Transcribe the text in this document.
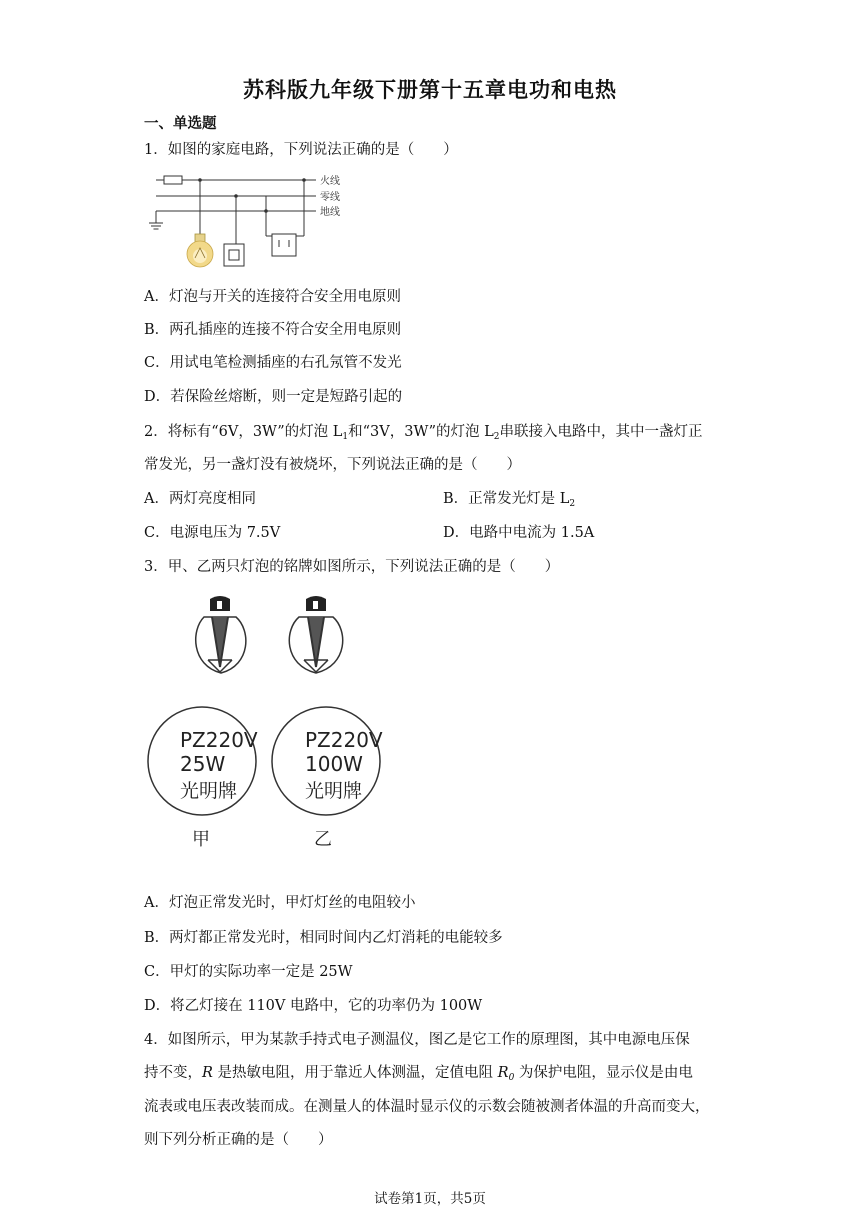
苏科版九年级下册第十五章电功和电热
一、单选题
1．如图的家庭电路，下列说法正确的是（　　）
火线
零线
地线
A．灯泡与开关的连接符合安全用电原则
B．两孔插座的连接不符合安全用电原则
C．用试电笔检测插座的右孔氖管不发光
D．若保险丝熔断，则一定是短路引起的
2．将标有“6V，3W”的灯泡 $L_1$和“3V，3W”的灯泡 $L_2$串联接入电路中，其中一盏灯正
常发光，另一盏灯没有被烧坏，下列说法正确的是（　　）
A．两灯亮度相同	B．正常发光灯是 $L_2$
C．电源电压为 7.5V	D．电路中电流为 1.5A
3．甲、乙两只灯泡的铭牌如图所示，下列说法正确的是（　　）
PZ220V
25W
光明牌
PZ220V
100W
光明牌
甲	乙
A．灯泡正常发光时，甲灯灯丝的电阻较小
B．两灯都正常发光时，相同时间内乙灯消耗的电能较多
C．甲灯的实际功率一定是 25W
D．将乙灯接在 110V 电路中，它的功率仍为 100W
4．如图所示，甲为某款手持式电子测温仪，图乙是它工作的原理图，其中电源电压保
持不变，R 是热敏电阻，用于靠近人体测温，定值电阻 $R_0$ 为保护电阻，显示仪是由电
流表或电压表改装而成。在测量人的体温时显示仪的示数会随被测者体温的升高而变大，
则下列分析正确的是（　　）
试卷第1页，共5页
